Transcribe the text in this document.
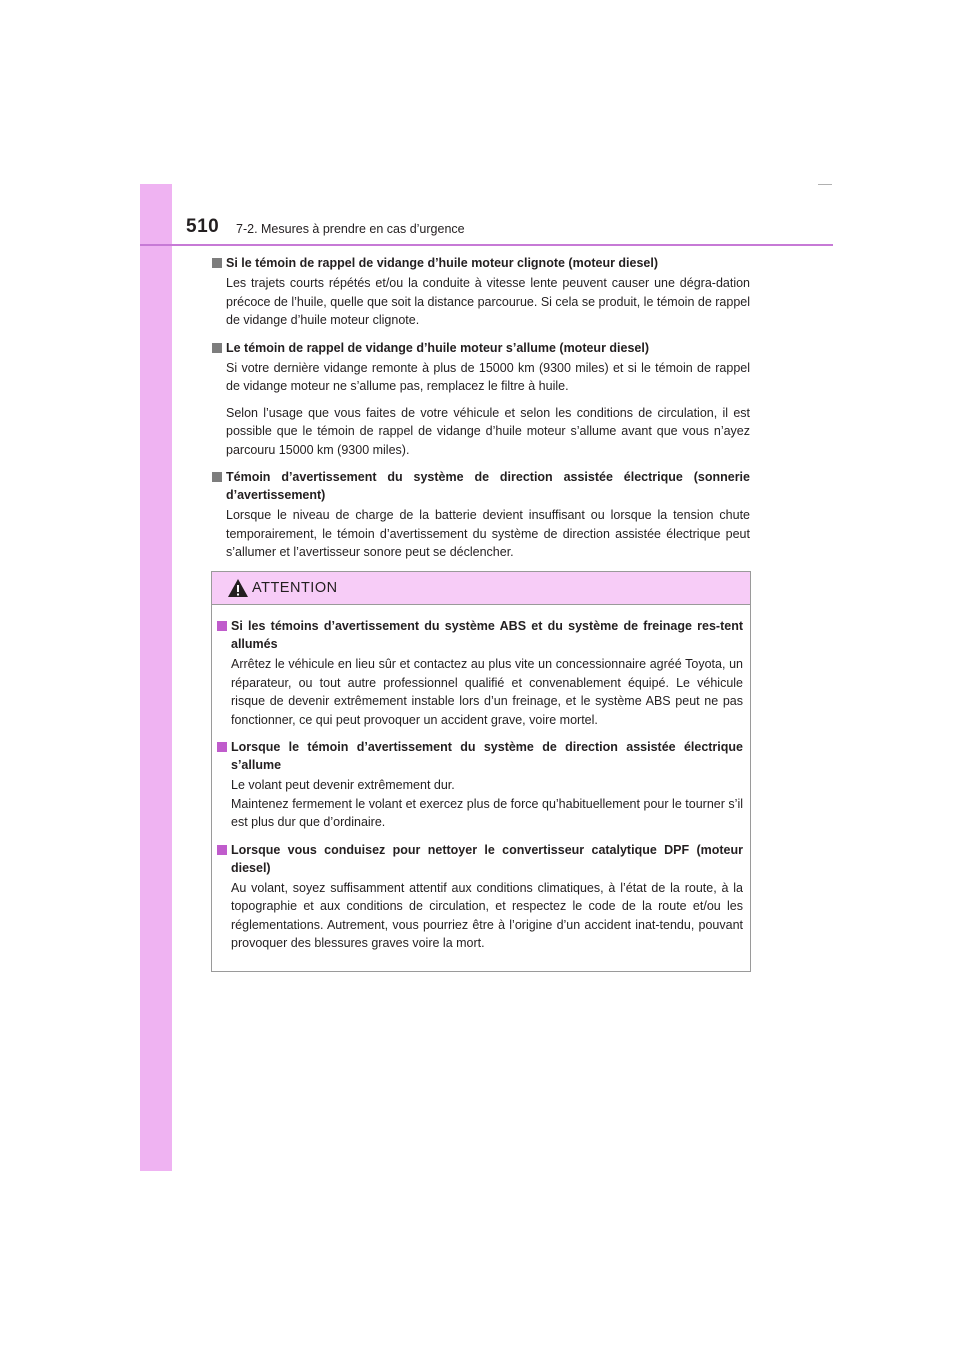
510 7-2. Mesures à prendre en cas d’urgence
Si le témoin de rappel de vidange d’huile moteur clignote (moteur diesel)
Les trajets courts répétés et/ou la conduite à vitesse lente peuvent causer une dégra-dation précoce de l’huile, quelle que soit la distance parcourue. Si cela se produit, le témoin de rappel de vidange d’huile moteur clignote.
Le témoin de rappel de vidange d’huile moteur s’allume (moteur diesel)
Si votre dernière vidange remonte à plus de 15000 km (9300 miles) et si le témoin de rappel de vidange moteur ne s’allume pas, remplacez le filtre à huile.
Selon l’usage que vous faites de votre véhicule et selon les conditions de circulation, il est possible que le témoin de rappel de vidange d’huile moteur s’allume avant que vous n’ayez parcouru 15000 km (9300 miles).
Témoin d’avertissement du système de direction assistée électrique (sonnerie d’avertissement)
Lorsque le niveau de charge de la batterie devient insuffisant ou lorsque la tension chute temporairement, le témoin d’avertissement du système de direction assistée électrique peut s’allumer et l’avertisseur sonore peut se déclencher.
ATTENTION
Si les témoins d’avertissement du système ABS et du système de freinage res-tent allumés
Arrêtez le véhicule en lieu sûr et contactez au plus vite un concessionnaire agréé Toyota, un réparateur, ou tout autre professionnel qualifié et convenablement équipé. Le véhicule risque de devenir extrêmement instable lors d’un freinage, et le système ABS peut ne pas fonctionner, ce qui peut provoquer un accident grave, voire mortel.
Lorsque le témoin d’avertissement du système de direction assistée électrique s’allume
Le volant peut devenir extrêmement dur.
Maintenez fermement le volant et exercez plus de force qu’habituellement pour le tourner s’il est plus dur que d’ordinaire.
Lorsque vous conduisez pour nettoyer le convertisseur catalytique DPF (moteur diesel)
Au volant, soyez suffisamment attentif aux conditions climatiques, à l’état de la route, à la topographie et aux conditions de circulation, et respectez le code de la route et/ou les réglementations. Autrement, vous pourriez être à l’origine d’un accident inat-tendu, pouvant provoquer des blessures graves voire la mort.
